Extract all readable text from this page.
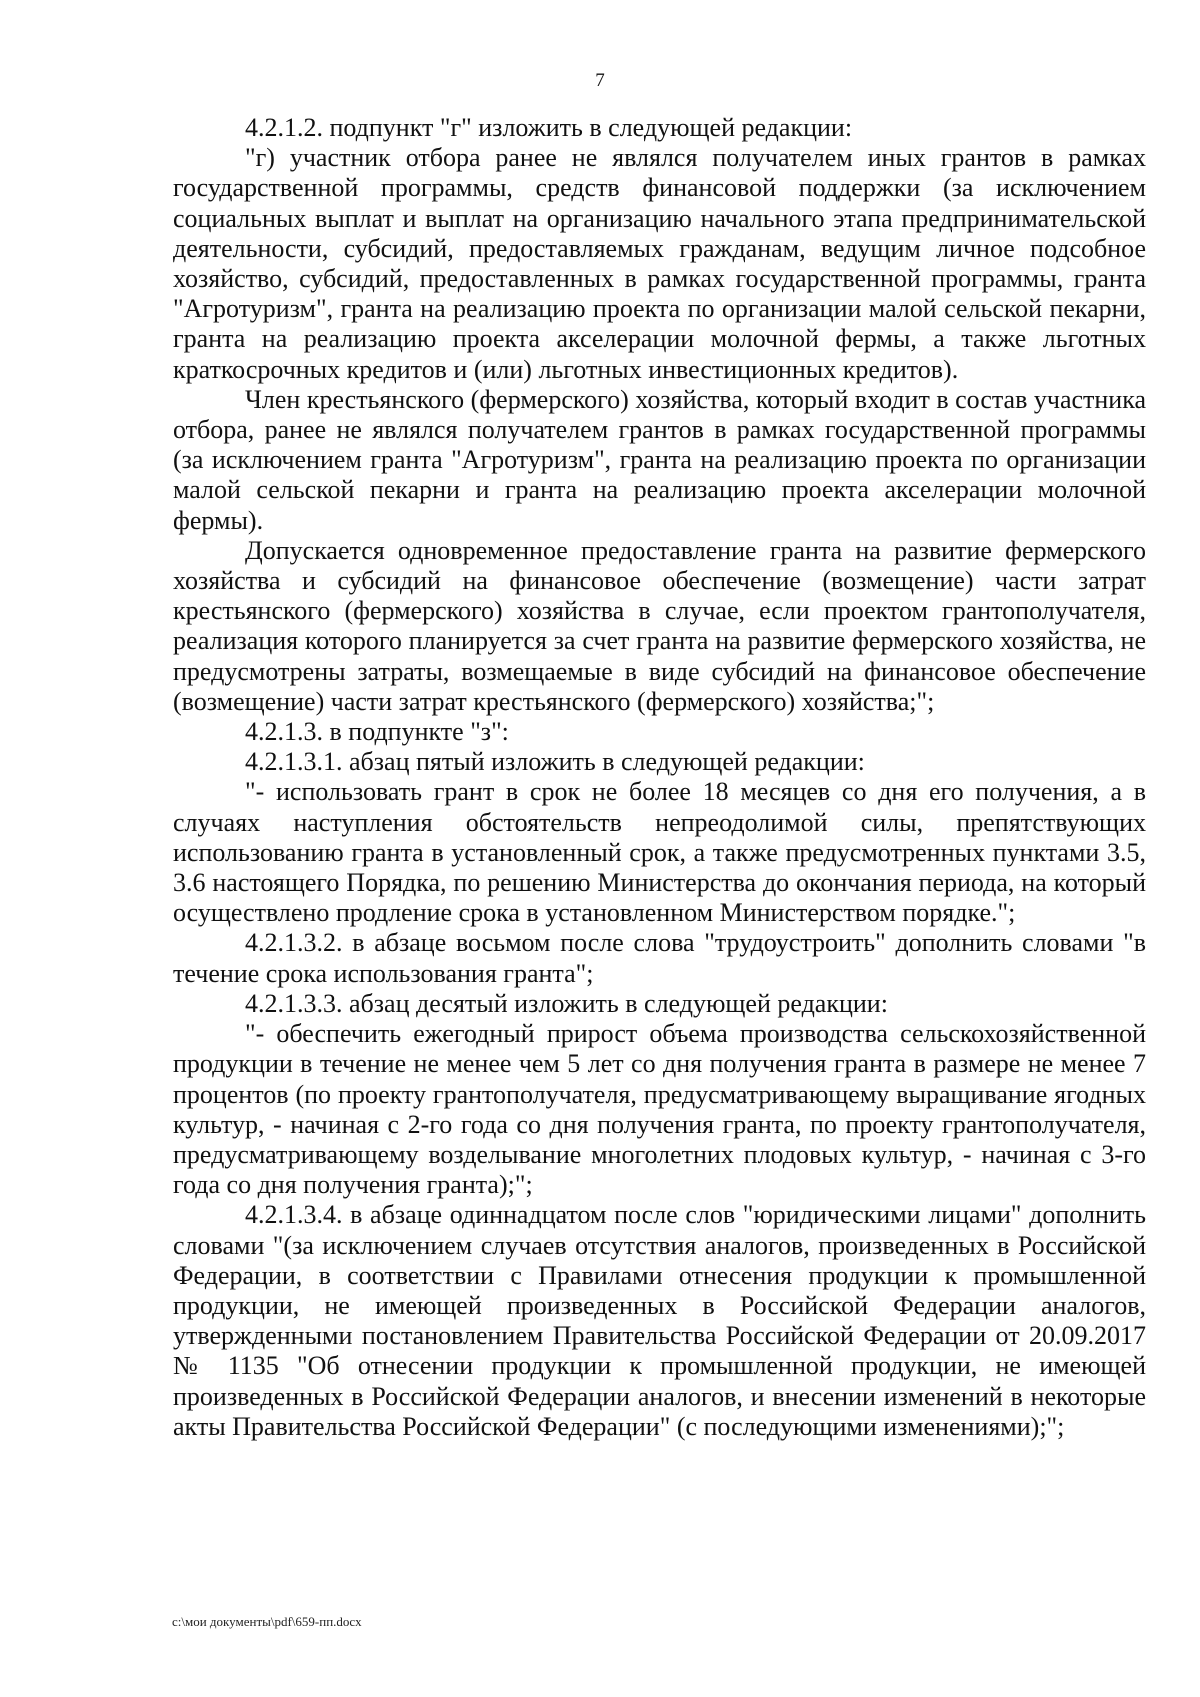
7

4.2.1.2. подпункт "г" изложить в следующей редакции:

"г) участник отбора ранее не являлся получателем иных грантов в рамках государственной программы, средств финансовой поддержки (за исключением социальных выплат и выплат на организацию начального этапа предпринимательской деятельности, субсидий, предоставляемых гражданам, ведущим личное подсобное хозяйство, субсидий, предоставленных в рамках государственной программы, гранта "Агротуризм", гранта на реализацию проекта по организации малой сельской пекарни, гранта на реализацию проекта акселерации молочной фермы, а также льготных краткосрочных кредитов и (или) льготных инвестиционных кредитов).

Член крестьянского (фермерского) хозяйства, который входит в состав участника отбора, ранее не являлся получателем грантов в рамках государственной программы (за исключением гранта "Агротуризм", гранта на реализацию проекта по организации малой сельской пекарни и гранта на реализацию проекта акселерации молочной фермы).

Допускается одновременное предоставление гранта на развитие фермерского хозяйства и субсидий на финансовое обеспечение (возмещение) части затрат крестьянского (фермерского) хозяйства в случае, если проектом грантополучателя, реализация которого планируется за счет гранта на развитие фермерского хозяйства, не предусмотрены затраты, возмещаемые в виде субсидий на финансовое обеспечение (возмещение) части затрат крестьянского (фермерского) хозяйства;";

4.2.1.3. в подпункте "з":

4.2.1.3.1. абзац пятый изложить в следующей редакции:

"- использовать грант в срок не более 18 месяцев со дня его получения, а в случаях наступления обстоятельств непреодолимой силы, препятствующих использованию гранта в установленный срок, а также предусмотренных пунктами 3.5, 3.6 настоящего Порядка, по решению Министерства до окончания периода, на который осуществлено продление срока в установленном Министерством порядке.";

4.2.1.3.2. в абзаце восьмом после слова "трудоустроить" дополнить словами "в течение срока использования гранта";

4.2.1.3.3. абзац десятый изложить в следующей редакции:

"- обеспечить ежегодный прирост объема производства сельскохозяйственной продукции в течение не менее чем 5 лет со дня получения гранта в размере не менее 7 процентов (по проекту грантополучателя, предусматривающему выращивание ягодных культур, - начиная с 2-го года со дня получения гранта, по проекту грантополучателя, предусматривающему возделывание многолетних плодовых культур, - начиная с 3-го года со дня получения гранта);";

4.2.1.3.4. в абзаце одиннадцатом после слов "юридическими лицами" дополнить словами "(за исключением случаев отсутствия аналогов, произведенных в Российской Федерации, в соответствии с Правилами отнесения продукции к промышленной продукции, не имеющей произведенных в Российской Федерации аналогов, утвержденными постановлением Правительства Российской Федерации от 20.09.2017 № 1135 "Об отнесении продукции к промышленной продукции, не имеющей произведенных в Российской Федерации аналогов, и внесении изменений в некоторые акты Правительства Российской Федерации" (с последующими изменениями);";

c:\мои документы\pdf\659-пп.docx
